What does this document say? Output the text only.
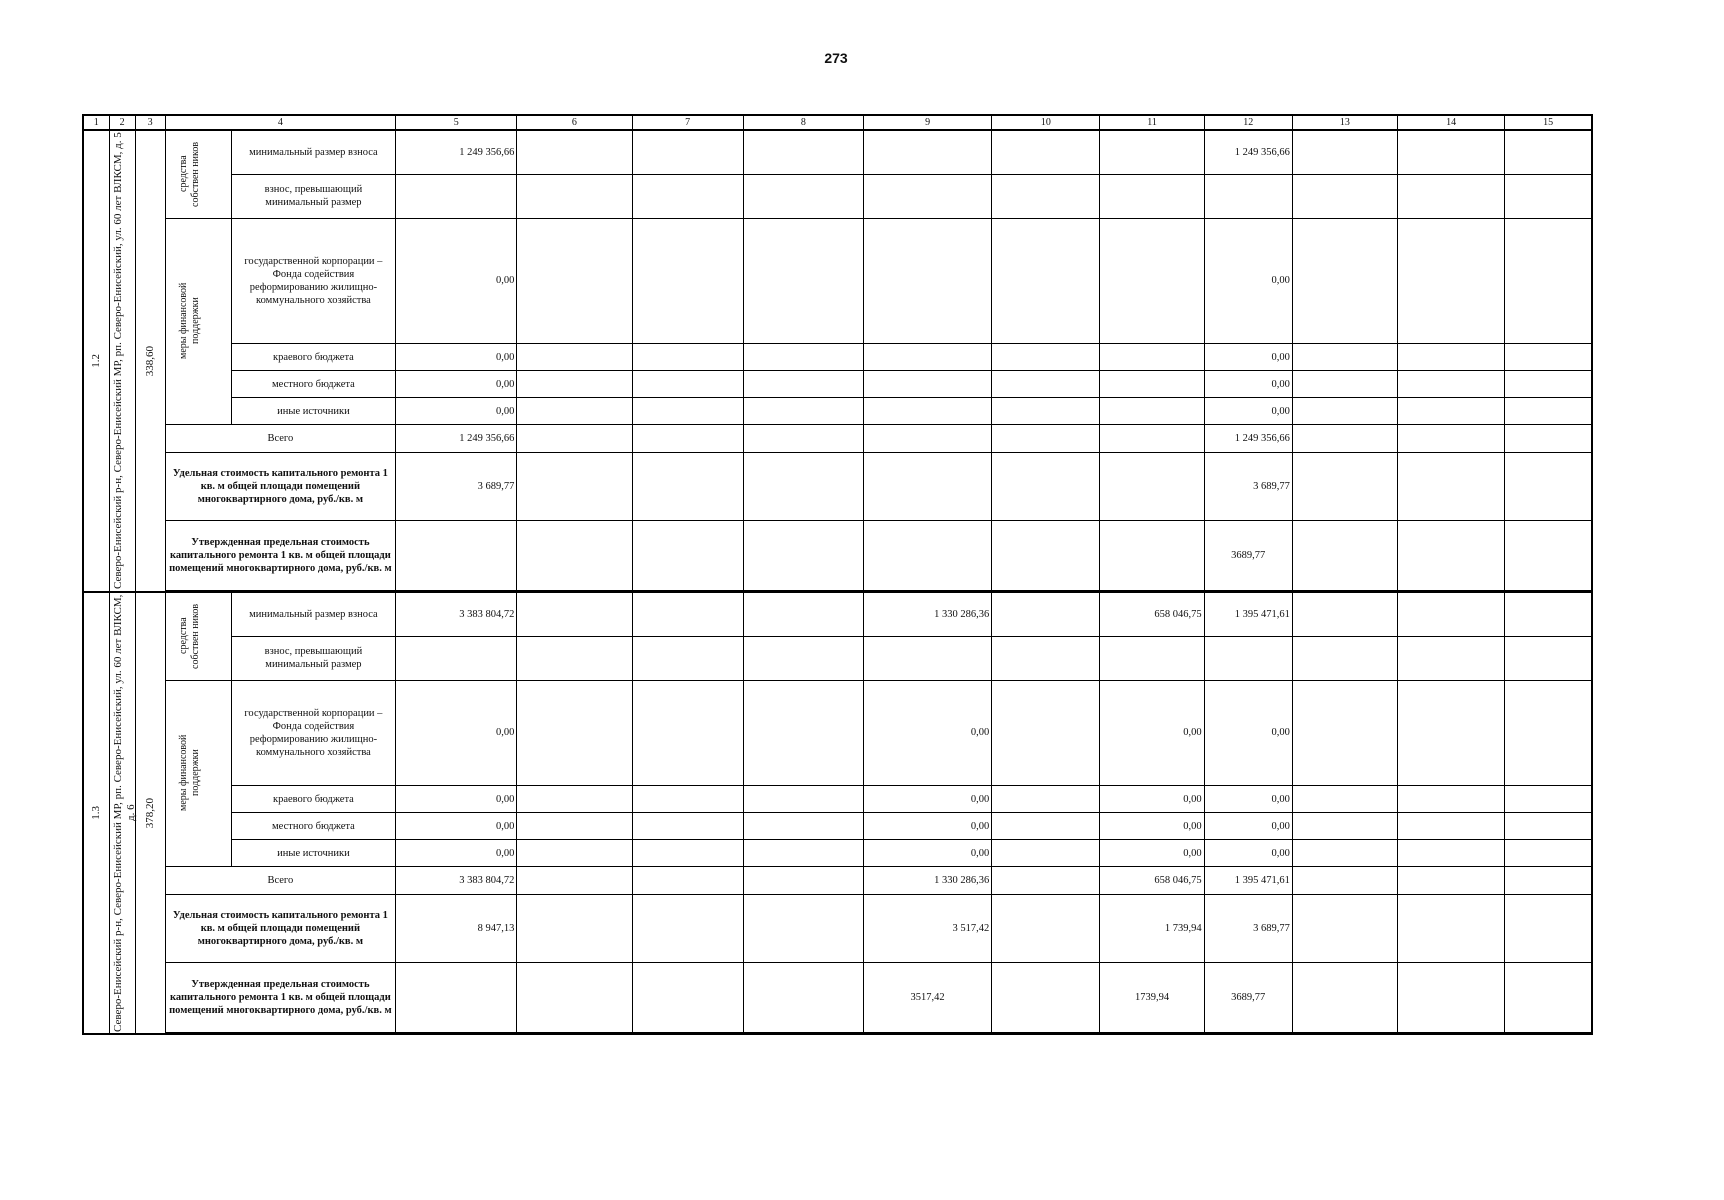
273
1	2	3	4		5	6	7	8	9	10	11	12	13	14	15

1.2	Северо-Енисейский р-н, Северо-Енисейский МР, рп. Северо-Енисейский, ул. 60 лет ВЛКСМ, д. 5	338,60	средства собствен ников	минимальный размер взноса	1 249 356,66							1 249 356,66			
				взнос, превышающий минимальный размер											

			меры финансовой поддержки	государственной корпорации – Фонда содействия реформированию жилищно-коммунального хозяйства	0,00							0,00			
				краевого бюджета	0,00							0,00			
				местного бюджета	0,00							0,00			
				иные источники	0,00							0,00			
			Всего		1 249 356,66							1 249 356,66			
			Удельная стоимость капитального ремонта 1 кв. м общей площади помещений многоквартирного дома, руб./кв. м		3 689,77							3 689,77			
			Утвержденная предельная стоимость капитального ремонта 1 кв. м общей площади помещений многоквартирного дома, руб./кв. м									3689,77			

1.3	Северо-Енисейский р-н, Северо-Енисейский МР, рп. Северо-Енисейский, ул. 60 лет ВЛКСМ, д. 6	378,20	средства собствен ников	минимальный размер взноса	3 383 804,72				1 330 286,36		658 046,75	1 395 471,61			
				взнос, превышающий минимальный размер											

			меры финансовой поддержки	государственной корпорации – Фонда содействия реформированию жилищно-коммунального хозяйства	0,00				0,00		0,00	0,00			
				краевого бюджета	0,00				0,00		0,00	0,00			
				местного бюджета	0,00				0,00		0,00	0,00			
				иные источники	0,00				0,00		0,00	0,00			
			Всего		3 383 804,72				1 330 286,36		658 046,75	1 395 471,61			
			Удельная стоимость капитального ремонта 1 кв. м общей площади помещений многоквартирного дома, руб./кв. м		8 947,13				3 517,42		1 739,94	3 689,77			
			Утвержденная предельная стоимость капитального ремонта 1 кв. м общей площади помещений многоквартирного дома, руб./кв. м						3517,42		1739,94	3689,77			
